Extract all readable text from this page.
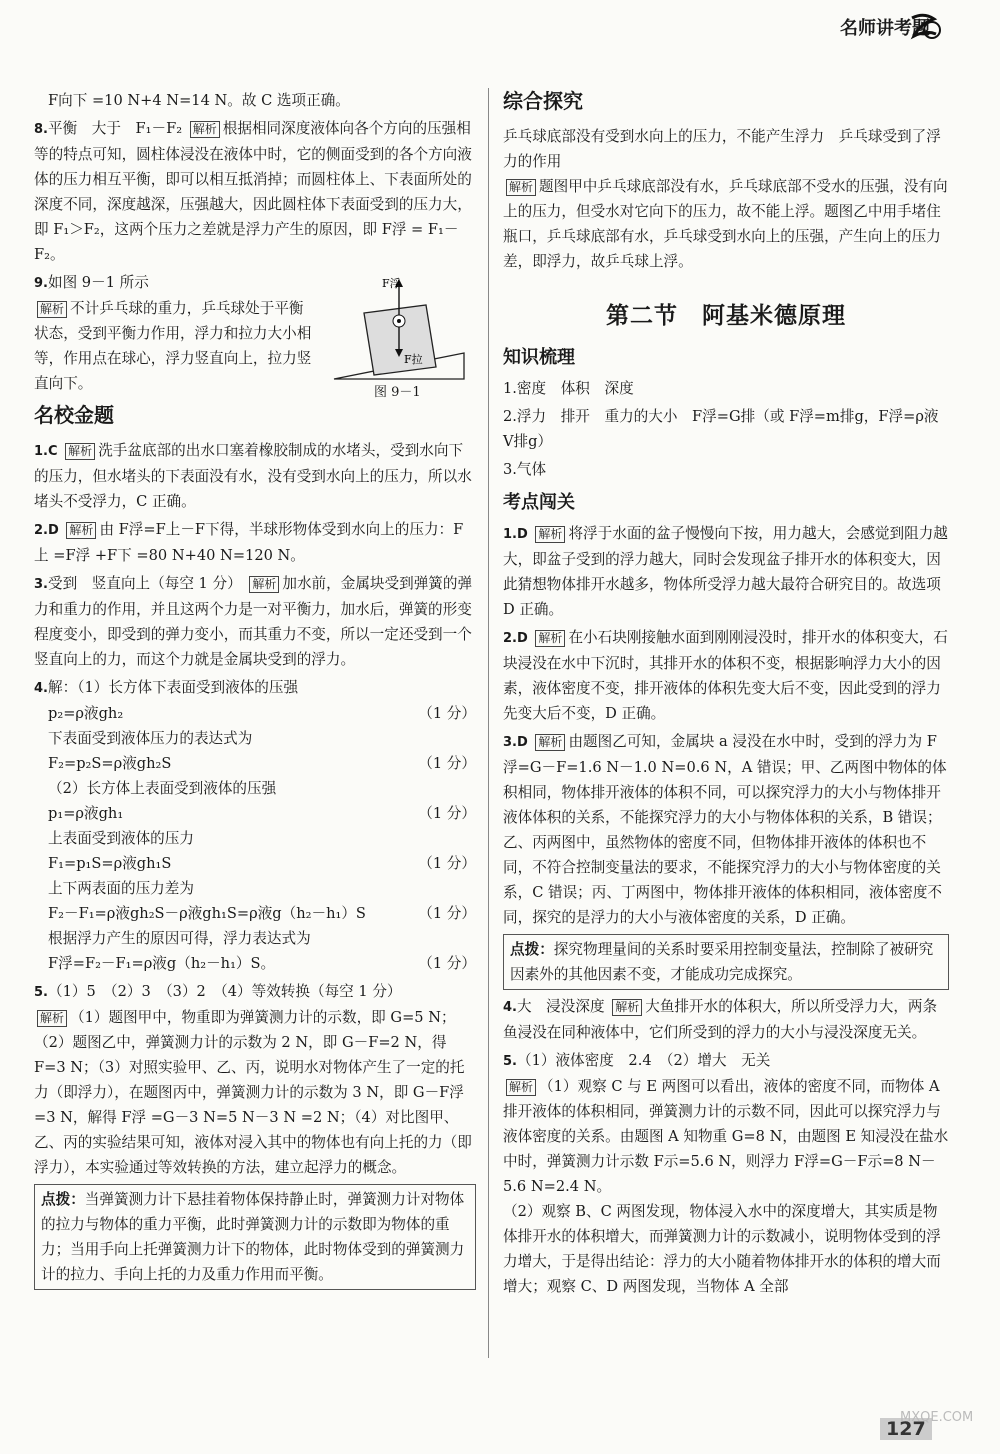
名师讲考题

F向下 =10 N+4 N=14 N。故 C 选项正确。

8.平衡　大于　F₁－F₂ 解析 根据相同深度液体向各个方向的压强相等的特点可知，圆柱体浸没在液体中时，它的侧面受到的各个方向液体的压力相互平衡，即可以相互抵消掉；而圆柱体上、下表面所处的深度不同，深度越深，压强越大，因此圆柱体下表面受到的压力大，即 F₁＞F₂，这两个压力之差就是浮力产生的原因，即 F浮 = F₁－F₂。
9.如图 9－1 所示
解析 不计乒乓球的重力，乒乓球处于平衡状态，受到平衡力作用，浮力和拉力大小相等，作用点在球心，浮力竖直向上，拉力竖直向下。
F浮
F拉
图 9－1
名校金题
1.C 解析 洗手盆底部的出水口塞着橡胶制成的水堵头，受到水向下的压力，但水堵头的下表面没有水，没有受到水向上的压力，所以水堵头不受浮力，C 正确。
2.D 解析 由 F浮=F上－F下得，半球形物体受到水向上的压力：F上 =F浮 +F下 =80 N+40 N=120 N。
3.受到　竖直向上（每空 1 分） 解析 加水前，金属块受到弹簧的弹力和重力的作用，并且这两个力是一对平衡力，加水后，弹簧的形变程度变小，即受到的弹力变小，而其重力不变，所以一定还受到一个竖直向上的力，而这个力就是金属块受到的浮力。
4.解：（1）长方体下表面受到液体的压强
p₂=ρ液gh₂	（1 分）
下表面受到液体压力的表达式为
F₂=p₂S=ρ液gh₂S	（1 分）
（2）长方体上表面受到液体的压强
p₁=ρ液gh₁	（1 分）
上表面受到液体的压力
F₁=p₁S=ρ液gh₁S	（1 分）
上下两表面的压力差为
F₂－F₁=ρ液gh₂S－ρ液gh₁S=ρ液g（h₂－h₁）S	（1 分）
根据浮力产生的原因可得，浮力表达式为
F浮=F₂－F₁=ρ液g（h₂－h₁）S。	（1 分）
5.（1）5　（2）3　（3）2　（4）等效转换（每空 1 分）
解析 （1）题图甲中，物重即为弹簧测力计的示数，即 G=5 N；（2）题图乙中，弹簧测力计的示数为 2 N，即 G－F=2 N，得 F=3 N；（3）对照实验甲、乙、丙，说明水对物体产生了一定的托力（即浮力），在题图丙中，弹簧测力计的示数为 3 N，即 G－F浮 =3 N，解得 F浮 =G－3 N=5 N－3 N =2 N；（4）对比图甲、乙、丙的实验结果可知，液体对浸入其中的物体也有向上托的力（即浮力），本实验通过等效转换的方法，建立起浮力的概念。
点拨：当弹簧测力计下悬挂着物体保持静止时，弹簧测力计对物体的拉力与物体的重力平衡，此时弹簧测力计的示数即为物体的重力；当用手向上托弹簧测力计下的物体，此时物体受到的弹簧测力计的拉力、手向上托的力及重力作用而平衡。
综合探究
乒乓球底部没有受到水向上的压力，不能产生浮力　乒乓球受到了浮力的作用
解析 题图甲中乒乓球底部没有水，乒乓球底部不受水的压强，没有向上的压力，但受水对它向下的压力，故不能上浮。题图乙中用手堵住瓶口，乒乓球底部有水，乒乓球受到水向上的压强，产生向上的压力差，即浮力，故乒乓球上浮。
第二节　阿基米德原理
知识梳理
1.密度　体积　深度
2.浮力　排开　重力的大小　F浮=G排（或 F浮=m排g，F浮=ρ液V排g）
3.气体
考点闯关
1.D 解析 将浮于水面的盆子慢慢向下按，用力越大，会感觉到阻力越大，即盆子受到的浮力越大，同时会发现盆子排开水的体积变大，因此猜想物体排开水越多，物体所受浮力越大最符合研究目的。故选项 D 正确。
2.D 解析 在小石块刚接触水面到刚刚浸没时，排开水的体积变大，石块浸没在水中下沉时，其排开水的体积不变，根据影响浮力大小的因素，液体密度不变，排开液体的体积先变大后不变，因此受到的浮力先变大后不变，D 正确。
3.D 解析 由题图乙可知，金属块 a 浸没在水中时，受到的浮力为 F浮=G－F=1.6 N－1.0 N=0.6 N，A 错误；甲、乙两图中物体的体积相同，物体排开液体的体积不同，可以探究浮力的大小与物体排开液体体积的关系，不能探究浮力的大小与物体体积的关系，B 错误；乙、丙两图中，虽然物体的密度不同，但物体排开液体的体积也不同，不符合控制变量法的要求，不能探究浮力的大小与物体密度的关系，C 错误；丙、丁两图中，物体排开液体的体积相同，液体密度不同，探究的是浮力的大小与液体密度的关系，D 正确。
点拨：探究物理量间的关系时要采用控制变量法，控制除了被研究因素外的其他因素不变，才能成功完成探究。
4.大　浸没深度 解析 大鱼排开水的体积大，所以所受浮力大，两条鱼浸没在同种液体中，它们所受到的浮力的大小与浸没深度无关。
5.（1）液体密度　2.4　（2）增大　无关
解析 （1）观察 C 与 E 两图可以看出，液体的密度不同，而物体 A 排开液体的体积相同，弹簧测力计的示数不同，因此可以探究浮力与液体密度的关系。由题图 A 知物重 G=8 N，由题图 E 知浸没在盐水中时，弹簧测力计示数 F示=5.6 N，则浮力 F浮=G－F示=8 N－5.6 N=2.4 N。
（2）观察 B、C 两图发现，物体浸入水中的深度增大，其实质是物体排开水的体积增大，而弹簧测力计的示数减小，说明物体受到的浮力增大，于是得出结论：浮力的大小随着物体排开水的体积的增大而增大；观察 C、D 两图发现，当物体 A 全部
127
MXQE.COM
